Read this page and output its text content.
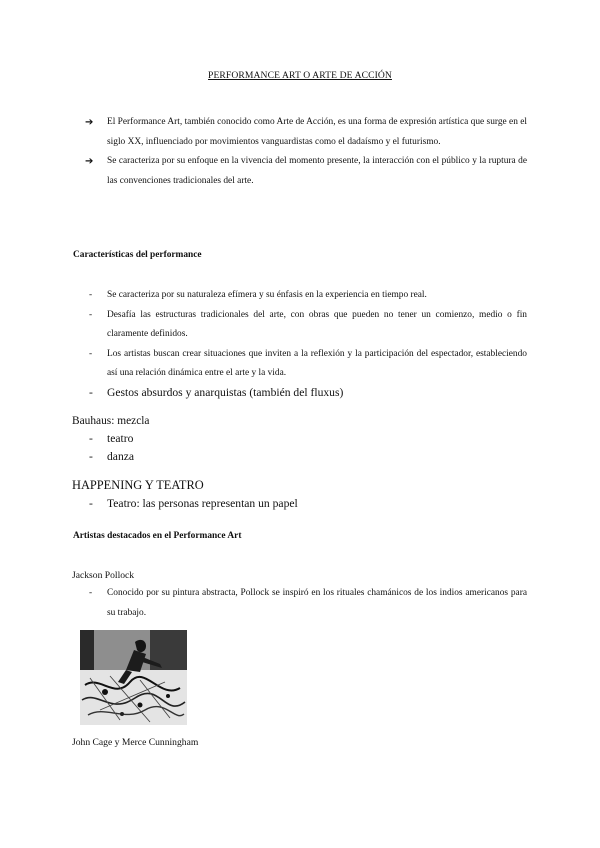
PERFORMANCE ART O ARTE DE ACCIÓN
➔ El Performance Art, también conocido como Arte de Acción, es una forma de expresión artística que surge en el siglo XX, influenciado por movimientos vanguardistas como el dadaísmo y el futurismo.
➔ Se caracteriza por su enfoque en la vivencia del momento presente, la interacción con el público y la ruptura de las convenciones tradicionales del arte.
Características del performance
- Se caracteriza por su naturaleza efímera y su énfasis en la experiencia en tiempo real.
- Desafía las estructuras tradicionales del arte, con obras que pueden no tener un comienzo, medio o fin claramente definidos.
- Los artistas buscan crear situaciones que inviten a la reflexión y la participación del espectador, estableciendo así una relación dinámica entre el arte y la vida.
- Gestos absurdos y anarquistas (también del fluxus)
Bauhaus: mezcla
- teatro
- danza
HAPPENING Y TEATRO
- Teatro: las personas representan un papel
Artistas destacados en el Performance Art
Jackson Pollock
- Conocido por su pintura abstracta, Pollock se inspiró en los rituales chamánicos de los indios americanos para su trabajo.
John Cage y Merce Cunningham
